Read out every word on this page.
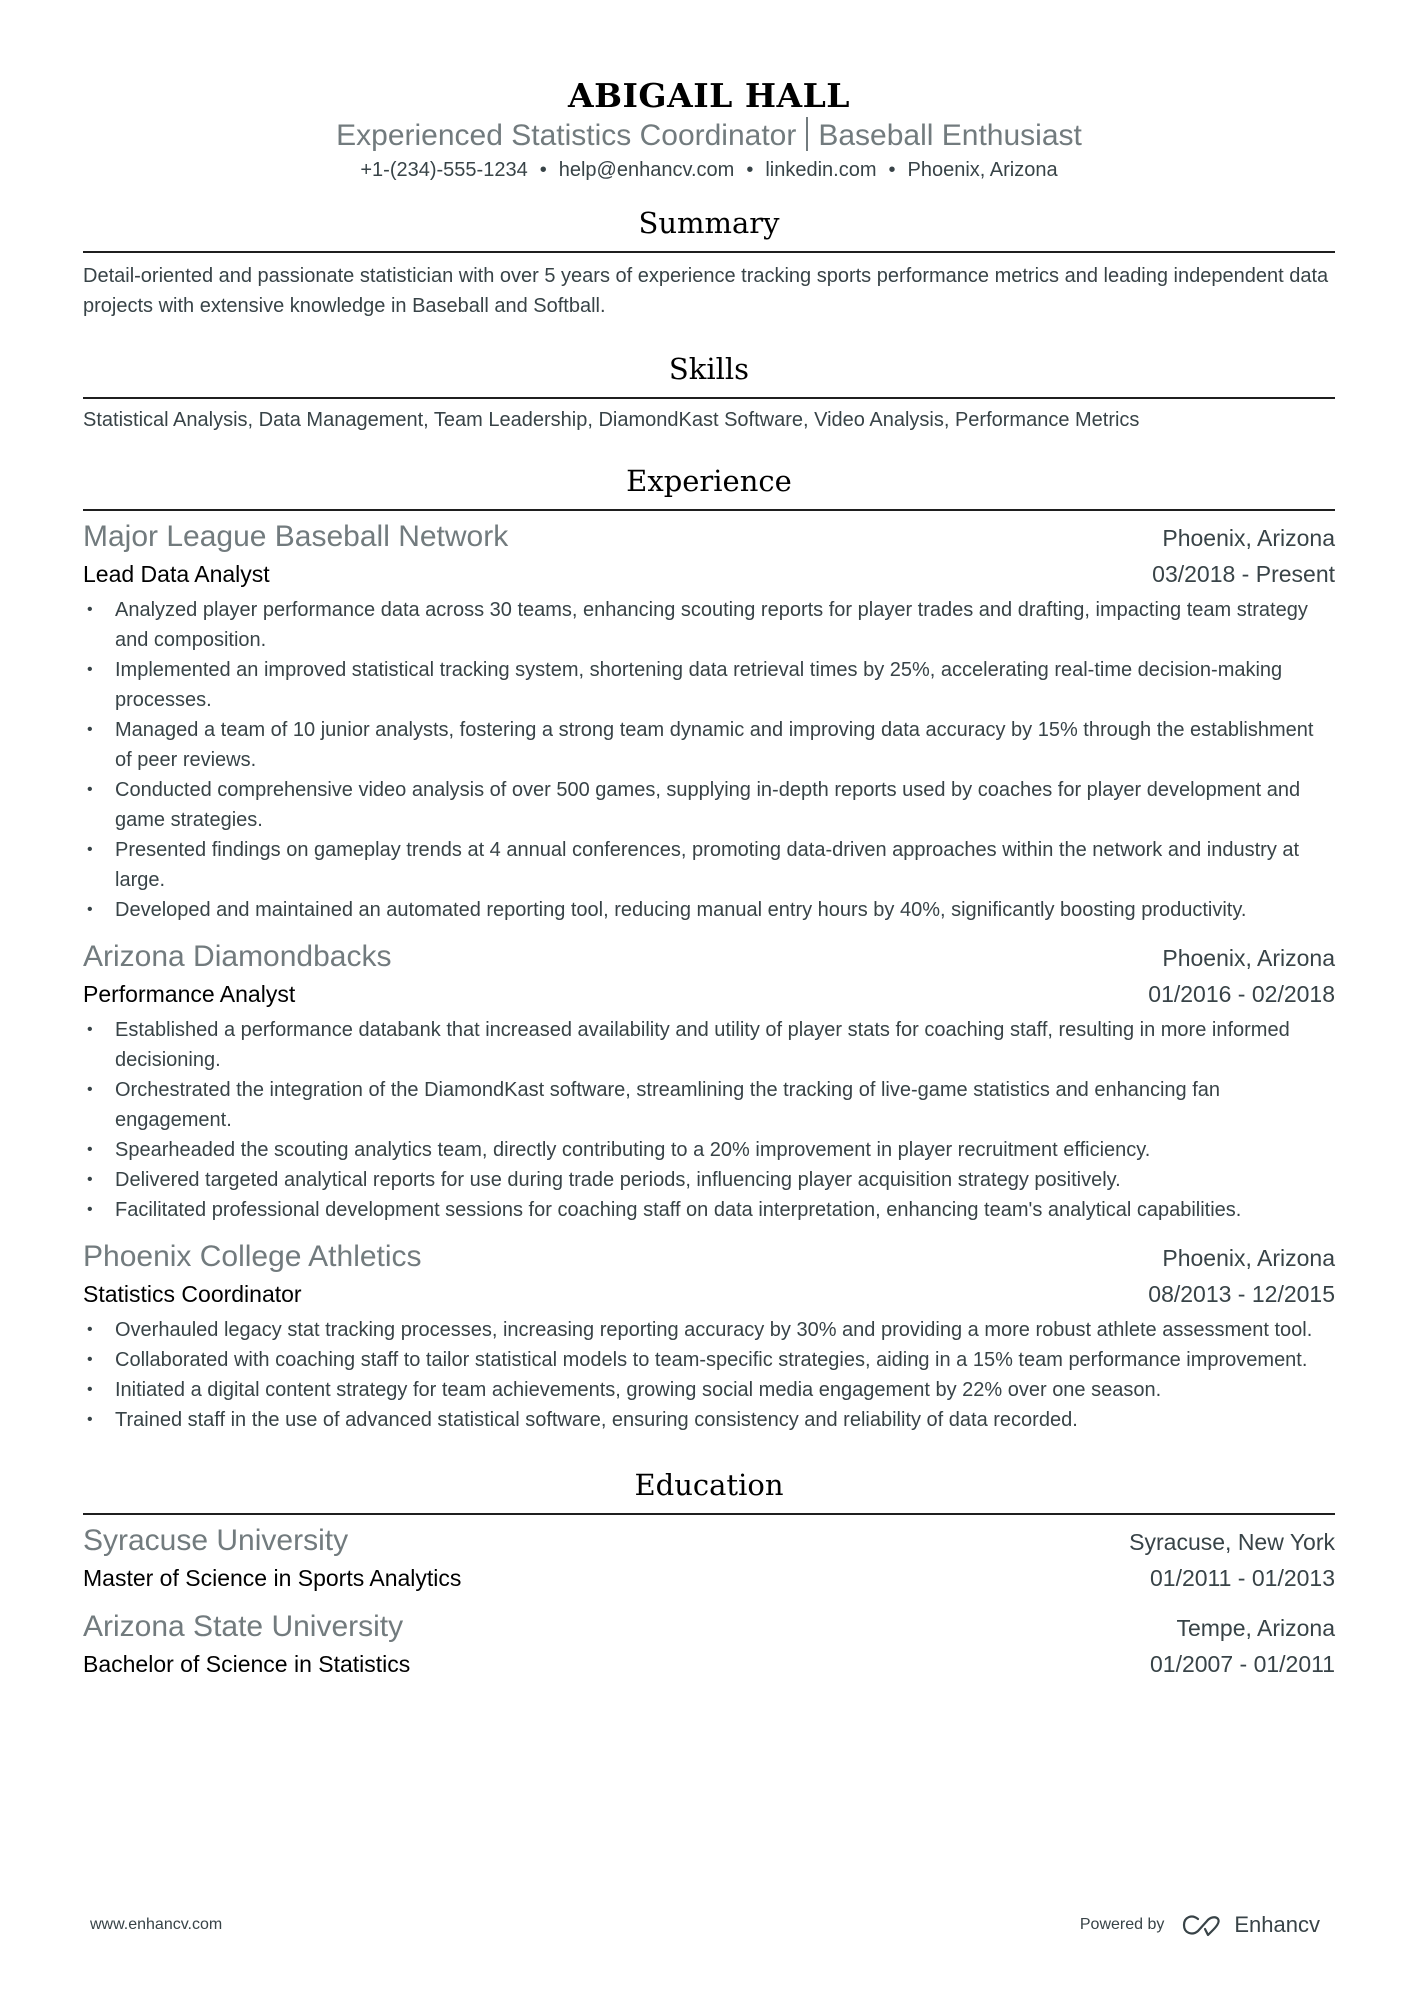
ABIGAIL HALL
Experienced Statistics Coordinator Baseball Enthusiast
+1-(234)-555-1234 • help@enhancv.com • linkedin.com • Phoenix, Arizona
Summary
Detail-oriented and passionate statistician with over 5 years of experience tracking sports performance metrics and leading independent data projects with extensive knowledge in Baseball and Softball.
Skills
Statistical Analysis, Data Management, Team Leadership, DiamondKast Software, Video Analysis, Performance Metrics
Experience
Major League Baseball Network	Phoenix, Arizona
Lead Data Analyst	03/2018 - Present
• Analyzed player performance data across 30 teams, enhancing scouting reports for player trades and drafting, impacting team strategy and composition.
• Implemented an improved statistical tracking system, shortening data retrieval times by 25%, accelerating real-time decision-making processes.
• Managed a team of 10 junior analysts, fostering a strong team dynamic and improving data accuracy by 15% through the establishment of peer reviews.
• Conducted comprehensive video analysis of over 500 games, supplying in-depth reports used by coaches for player development and game strategies.
• Presented findings on gameplay trends at 4 annual conferences, promoting data-driven approaches within the network and industry at large.
• Developed and maintained an automated reporting tool, reducing manual entry hours by 40%, significantly boosting productivity.
Arizona Diamondbacks	Phoenix, Arizona
Performance Analyst	01/2016 - 02/2018
• Established a performance databank that increased availability and utility of player stats for coaching staff, resulting in more informed decisioning.
• Orchestrated the integration of the DiamondKast software, streamlining the tracking of live-game statistics and enhancing fan engagement.
• Spearheaded the scouting analytics team, directly contributing to a 20% improvement in player recruitment efficiency.
• Delivered targeted analytical reports for use during trade periods, influencing player acquisition strategy positively.
• Facilitated professional development sessions for coaching staff on data interpretation, enhancing team's analytical capabilities.
Phoenix College Athletics	Phoenix, Arizona
Statistics Coordinator	08/2013 - 12/2015
• Overhauled legacy stat tracking processes, increasing reporting accuracy by 30% and providing a more robust athlete assessment tool.
• Collaborated with coaching staff to tailor statistical models to team-specific strategies, aiding in a 15% team performance improvement.
• Initiated a digital content strategy for team achievements, growing social media engagement by 22% over one season.
• Trained staff in the use of advanced statistical software, ensuring consistency and reliability of data recorded.
Education
Syracuse University	Syracuse, New York
Master of Science in Sports Analytics	01/2011 - 01/2013
Arizona State University	Tempe, Arizona
Bachelor of Science in Statistics	01/2007 - 01/2011
www.enhancv.com	Powered by	Enhancv
